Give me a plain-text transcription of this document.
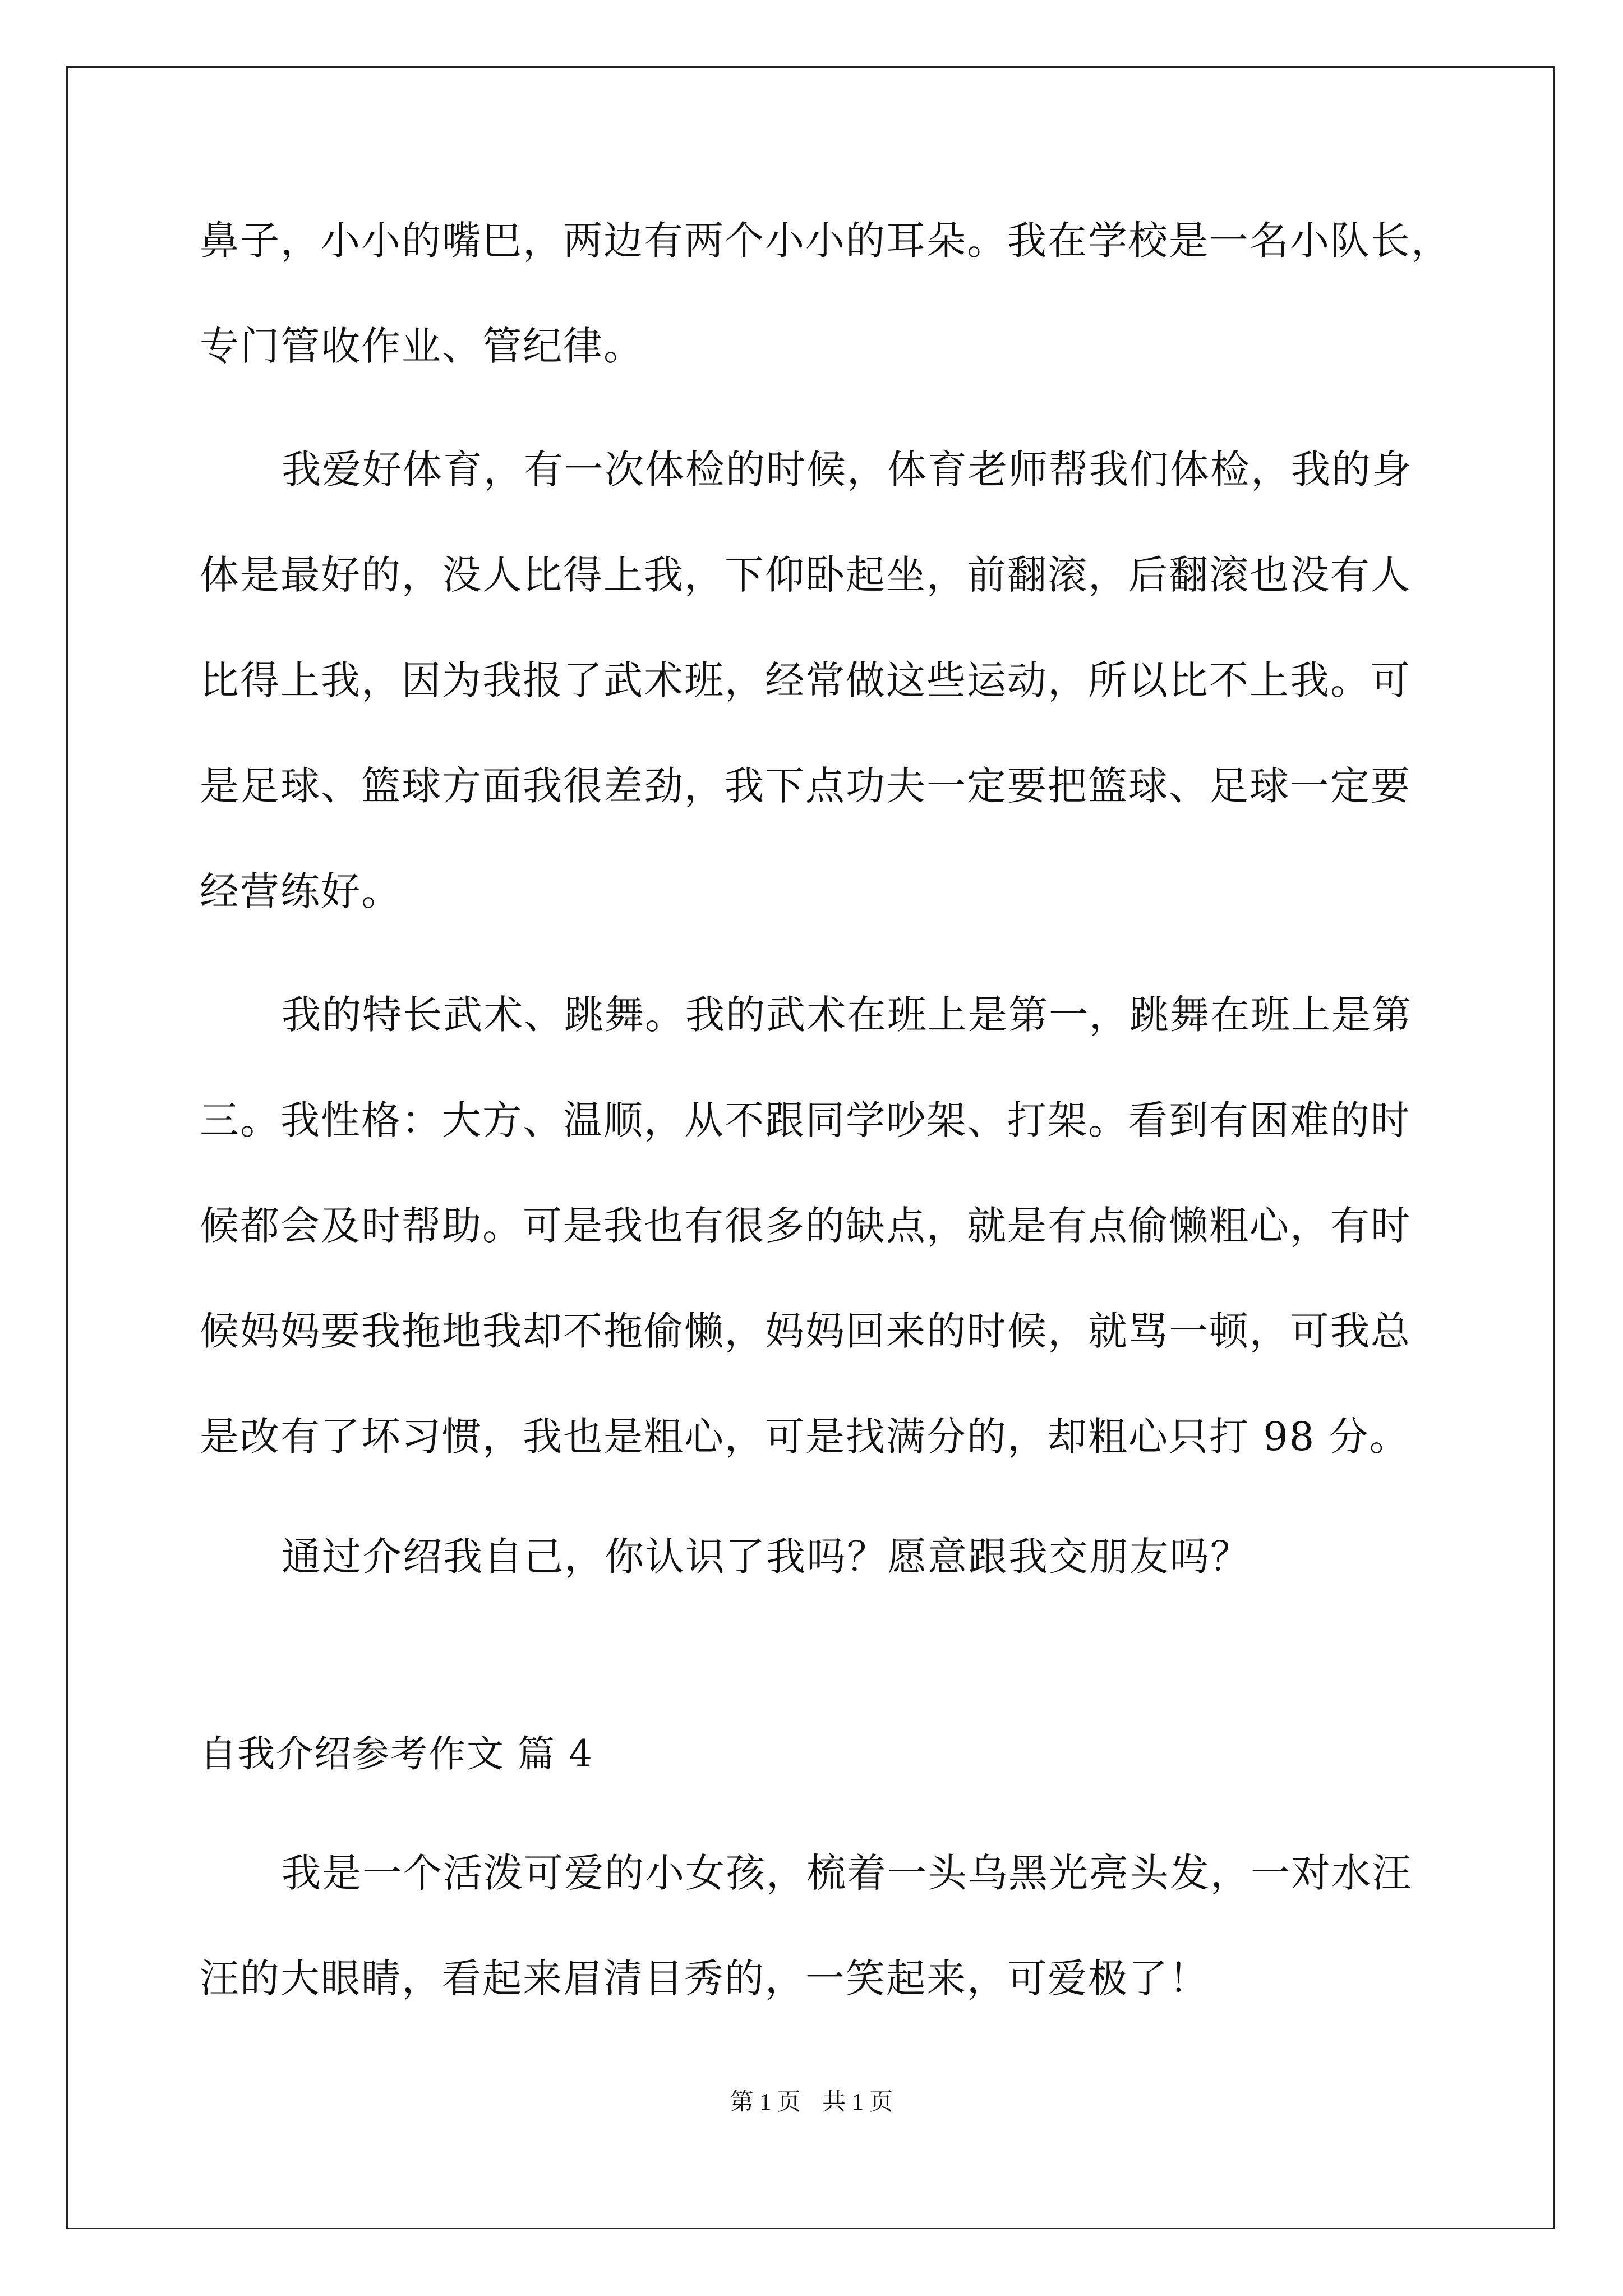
鼻子，小小的嘴巴，两边有两个小小的耳朵。我在学校是一名小队长，
专门管收作业、管纪律。
我爱好体育，有一次体检的时候，体育老师帮我们体检，我的身
体是最好的，没人比得上我，下仰卧起坐，前翻滚，后翻滚也没有人
比得上我，因为我报了武术班，经常做这些运动，所以比不上我。可
是足球、篮球方面我很差劲，我下点功夫一定要把篮球、足球一定要
经营练好。
我的特长武术、跳舞。我的武术在班上是第一，跳舞在班上是第
三。我性格：大方、温顺，从不跟同学吵架、打架。看到有困难的时
候都会及时帮助。可是我也有很多的缺点，就是有点偷懒粗心，有时
候妈妈要我拖地我却不拖偷懒，妈妈回来的时候，就骂一顿，可我总
是改有了坏习惯，我也是粗心，可是找满分的，却粗心只打 98 分。
通过介绍我自己，你认识了我吗？愿意跟我交朋友吗？
自我介绍参考作文 篇 4
我是一个活泼可爱的小女孩，梳着一头乌黑光亮头发，一对水汪
汪的大眼睛，看起来眉清目秀的，一笑起来，可爱极了！
第 1 页 共 1 页
